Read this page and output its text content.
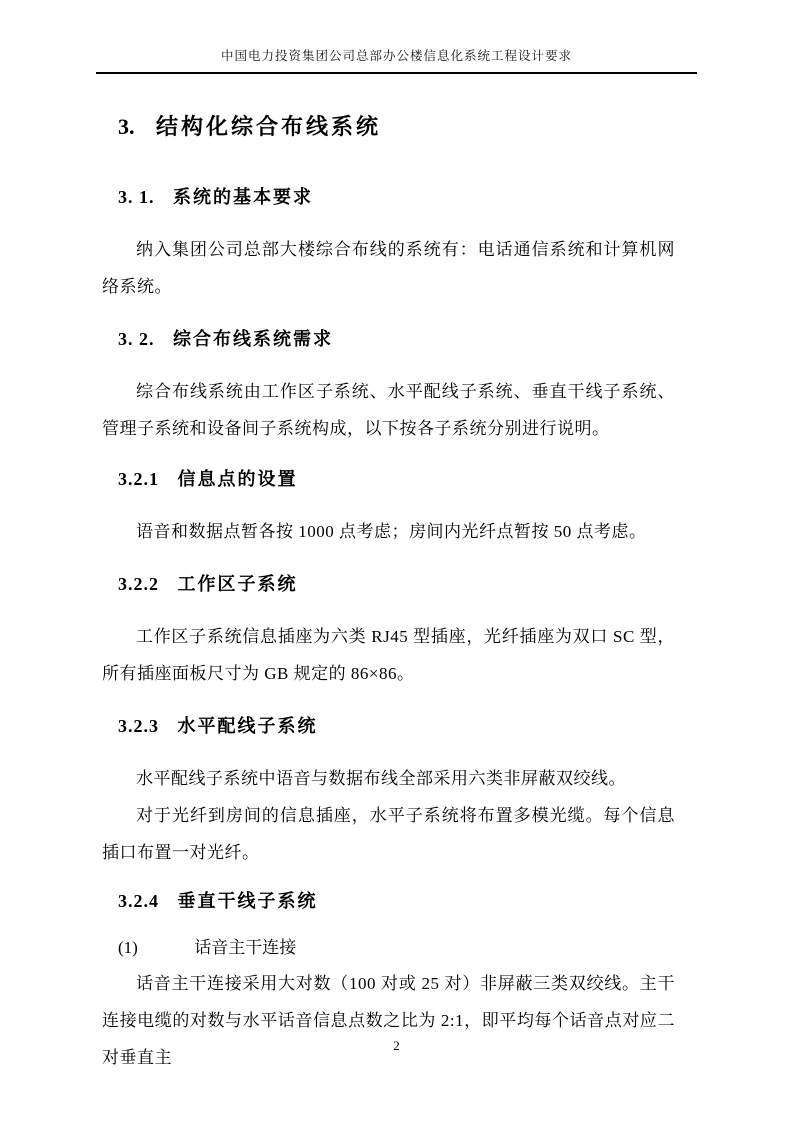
中国电力投资集团公司总部办公楼信息化系统工程设计要求
3. 结构化综合布线系统
3. 1. 系统的基本要求

纳入集团公司总部大楼综合布线的系统有：电话通信系统和计算机网络系统。

3. 2. 综合布线系统需求

综合布线系统由工作区子系统、水平配线子系统、垂直干线子系统、管理子系统和设备间子系统构成，以下按各子系统分别进行说明。

3.2.1 信息点的设置

语音和数据点暂各按 1000 点考虑；房间内光纤点暂按 50 点考虑。

3.2.2 工作区子系统

工作区子系统信息插座为六类 RJ45 型插座，光纤插座为双口 SC 型，所有插座面板尺寸为 GB 规定的 86×86。

3.2.3 水平配线子系统

水平配线子系统中语音与数据布线全部采用六类非屏蔽双绞线。

对于光纤到房间的信息插座，水平子系统将布置多模光缆。每个信息插口布置一对光纤。

3.2.4 垂直干线子系统

(1)	话音主干连接

话音主干连接采用大对数（100 对或 25 对）非屏蔽三类双绞线。主干连接电缆的对数与水平话音信息点数之比为 2:1，即平均每个话音点对应二对垂直主

2
